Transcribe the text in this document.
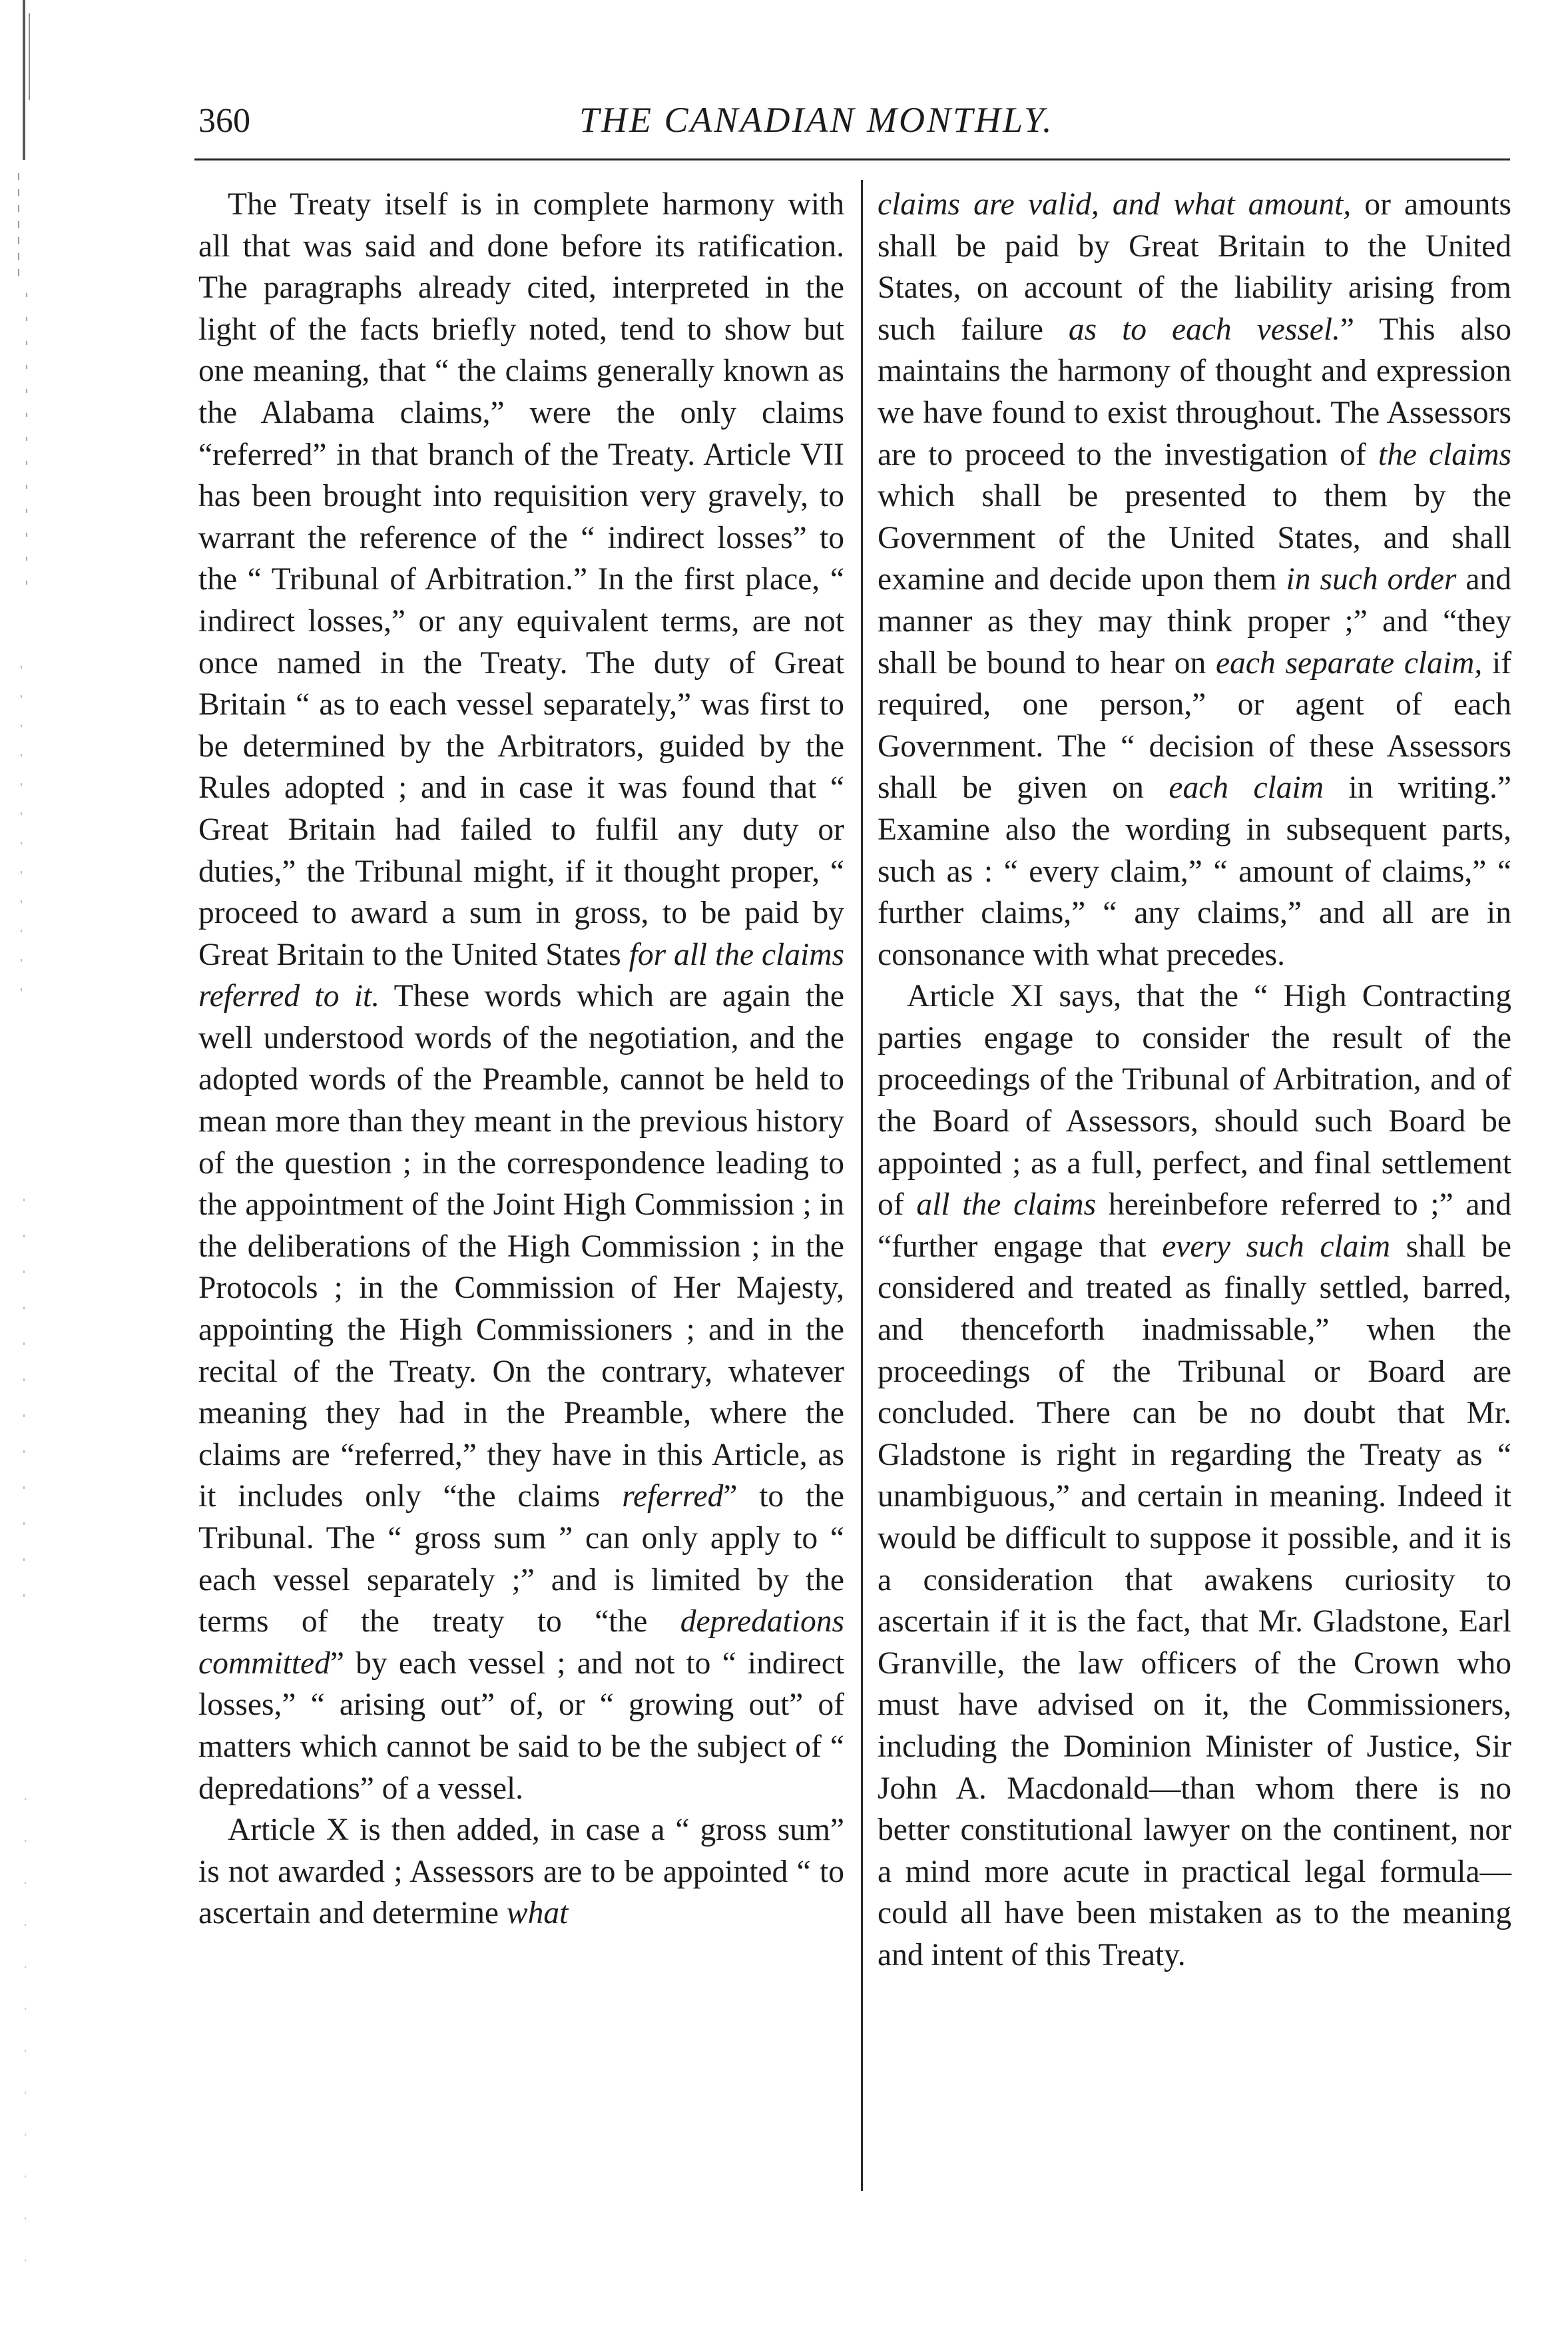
360	THE CANADIAN MONTHLY.

The Treaty itself is in complete harmony with all that was said and done before its ratification. The paragraphs already cited, interpreted in the light of the facts briefly noted, tend to show but one meaning, that “ the claims generally known as the Alabama claims,” were the only claims “referred” in that branch of the Treaty. Article VII has been brought into requisition very gravely, to warrant the reference of the “ indirect losses” to the “ Tribunal of Arbitration.” In the first place, “ indirect losses,” or any equivalent terms, are not once named in the Treaty. The duty of Great Britain “ as to each vessel separately,” was first to be determined by the Arbitrators, guided by the Rules adopted ; and in case it was found that “ Great Britain had failed to fulfil any duty or duties,” the Tribunal might, if it thought proper, “ proceed to award a sum in gross, to be paid by Great Britain to the United States for all the claims referred to it. These words which are again the well understood words of the negotiation, and the adopted words of the Preamble, cannot be held to mean more than they meant in the previous history of the question ; in the correspondence leading to the appointment of the Joint High Commission ; in the deliberations of the High Commission ; in the Protocols ; in the Commission of Her Majesty, appointing the High Commissioners ; and in the recital of the Treaty. On the contrary, whatever meaning they had in the Preamble, where the claims are “referred,” they have in this Article, as it includes only “the claims referred” to the Tribunal. The “ gross sum ” can only apply to “ each vessel separately ;” and is limited by the terms of the treaty to “the depredations committed” by each vessel ; and not to “ indirect losses,” “ arising out” of, or “ growing out” of matters which cannot be said to be the subject of “ depredations” of a vessel.

Article X is then added, in case a “ gross sum” is not awarded ; Assessors are to be appointed “ to ascertain and determine what

claims are valid, and what amount, or amounts shall be paid by Great Britain to the United States, on account of the liability arising from such failure as to each vessel.” This also maintains the harmony of thought and expression we have found to exist throughout. The Assessors are to proceed to the investigation of the claims which shall be presented to them by the Government of the United States, and shall examine and decide upon them in such order and manner as they may think proper ;” and “they shall be bound to hear on each separate claim, if required, one person,” or agent of each Government. The “ decision of these Assessors shall be given on each claim in writing.” Examine also the wording in subsequent parts, such as : “ every claim,” “ amount of claims,” “ further claims,” “ any claims,” and all are in consonance with what precedes.

Article XI says, that the “ High Contracting parties engage to consider the result of the proceedings of the Tribunal of Arbitration, and of the Board of Assessors, should such Board be appointed ; as a full, perfect, and final settlement of all the claims hereinbefore referred to ;” and “further engage that every such claim shall be considered and treated as finally settled, barred, and thenceforth inadmissable,” when the proceedings of the Tribunal or Board are concluded. There can be no doubt that Mr. Gladstone is right in regarding the Treaty as “ unambiguous,” and certain in meaning. Indeed it would be difficult to suppose it possible, and it is a consideration that awakens curiosity to ascertain if it is the fact, that Mr. Gladstone, Earl Granville, the law officers of the Crown who must have advised on it, the Commissioners, including the Dominion Minister of Justice, Sir John A. Macdonald—than whom there is no better constitutional lawyer on the continent, nor a mind more acute in practical legal formula—could all have been mistaken as to the meaning and intent of this Treaty.
